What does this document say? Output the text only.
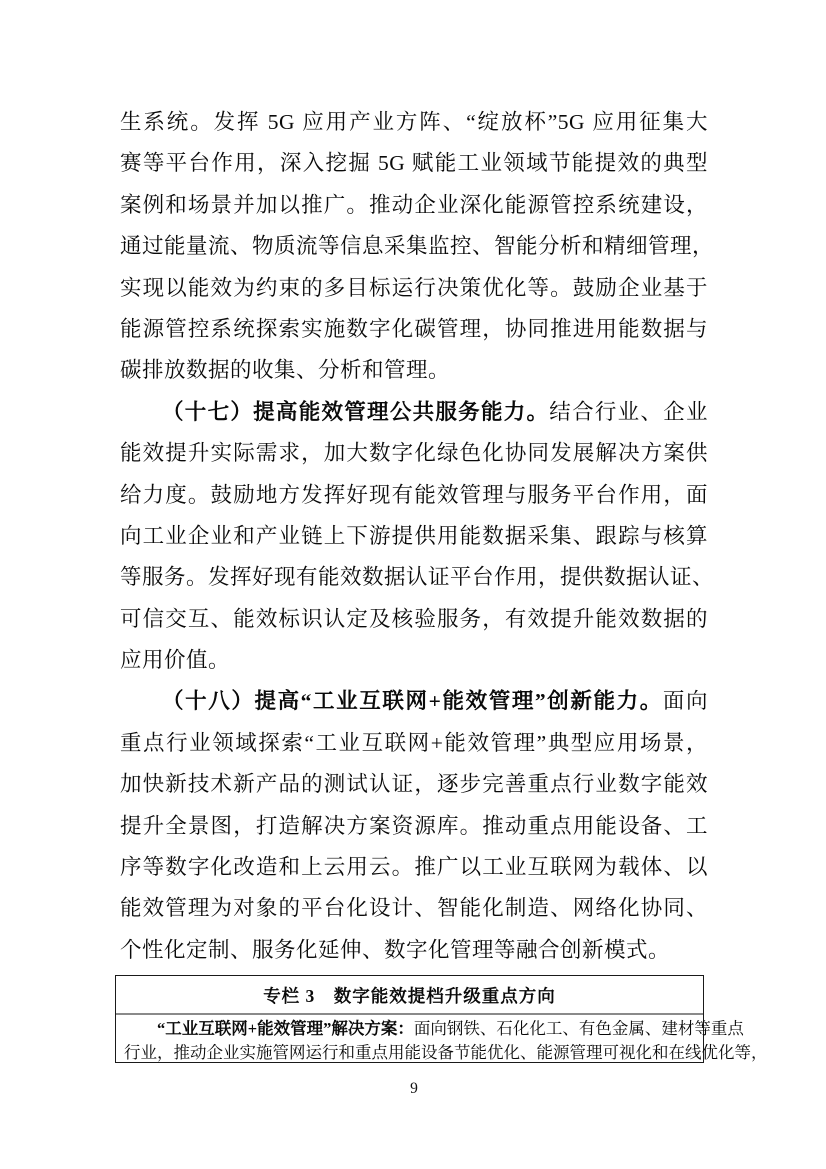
生系统。发挥 5G 应用产业方阵、“绽放杯”5G 应用征集大
赛等平台作用，深入挖掘 5G 赋能工业领域节能提效的典型
案例和场景并加以推广。推动企业深化能源管控系统建设，
通过能量流、物质流等信息采集监控、智能分析和精细管理，
实现以能效为约束的多目标运行决策优化等。鼓励企业基于
能源管控系统探索实施数字化碳管理，协同推进用能数据与
碳排放数据的收集、分析和管理。
（十七）提高能效管理公共服务能力。结合行业、企业
能效提升实际需求，加大数字化绿色化协同发展解决方案供
给力度。鼓励地方发挥好现有能效管理与服务平台作用，面
向工业企业和产业链上下游提供用能数据采集、跟踪与核算
等服务。发挥好现有能效数据认证平台作用，提供数据认证、
可信交互、能效标识认定及核验服务，有效提升能效数据的
应用价值。
（十八）提高“工业互联网+能效管理”创新能力。面向
重点行业领域探索“工业互联网+能效管理”典型应用场景，
加快新技术新产品的测试认证，逐步完善重点行业数字能效
提升全景图，打造解决方案资源库。推动重点用能设备、工
序等数字化改造和上云用云。推广以工业互联网为载体、以
能效管理为对象的平台化设计、智能化制造、网络化协同、
个性化定制、服务化延伸、数字化管理等融合创新模式。
专栏 3　数字能效提档升级重点方向
“工业互联网+能效管理”解决方案：面向钢铁、石化化工、有色金属、建材等重点
行业，推动企业实施管网运行和重点用能设备节能优化、能源管理可视化和在线优化等，
9
